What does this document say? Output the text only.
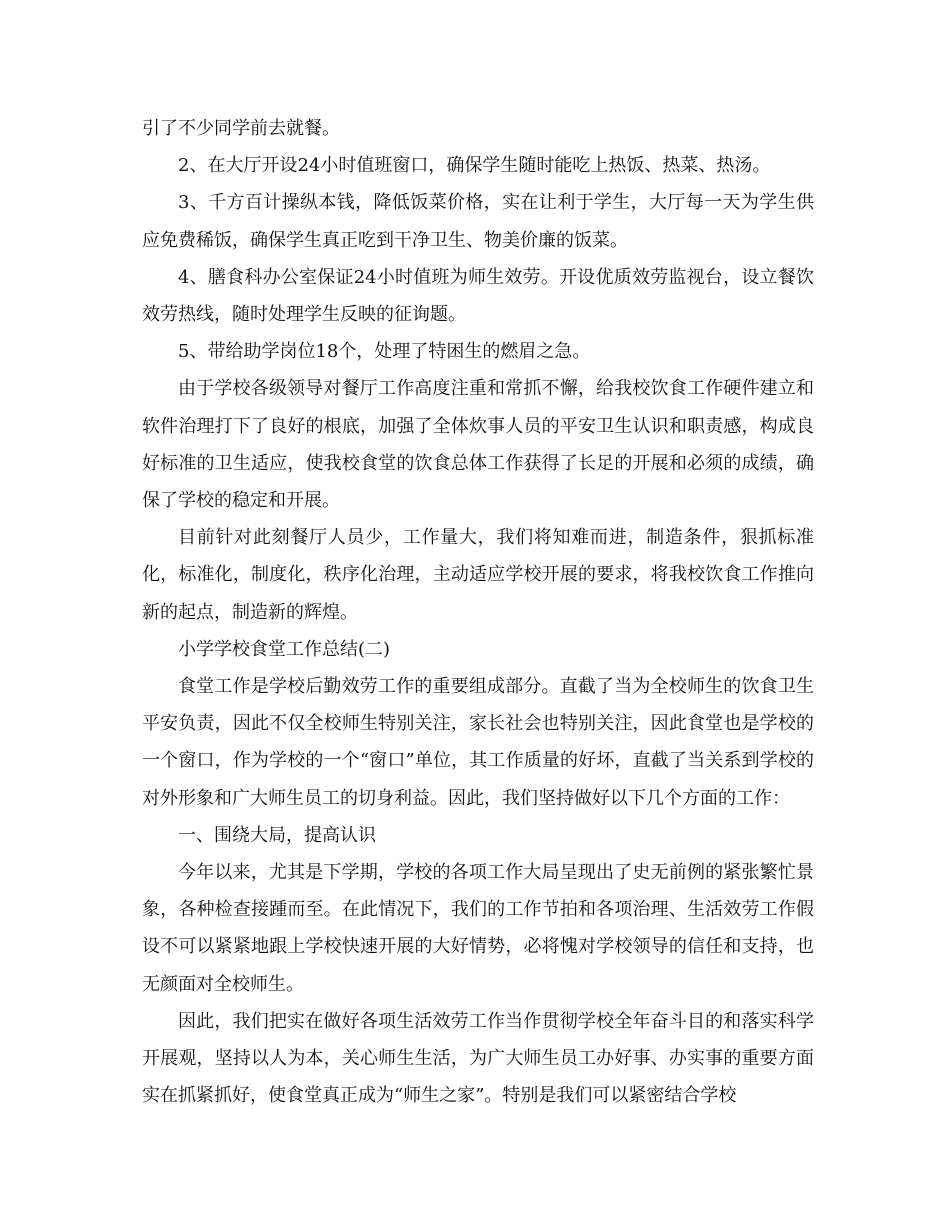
引了不少同学前去就餐。

2、在大厅开设24小时值班窗口，确保学生随时能吃上热饭、热菜、热汤。

3、千方百计操纵本钱，降低饭菜价格，实在让利于学生，大厅每一天为学生供应免费稀饭，确保学生真正吃到干净卫生、物美价廉的饭菜。

4、膳食科办公室保证24小时值班为师生效劳。开设优质效劳监视台，设立餐饮效劳热线，随时处理学生反映的征询题。

5、带给助学岗位18个，处理了特困生的燃眉之急。

由于学校各级领导对餐厅工作高度注重和常抓不懈，给我校饮食工作硬件建立和软件治理打下了良好的根底，加强了全体炊事人员的平安卫生认识和职责感，构成良好标准的卫生适应，使我校食堂的饮食总体工作获得了长足的开展和必须的成绩，确保了学校的稳定和开展。

目前针对此刻餐厅人员少，工作量大，我们将知难而进，制造条件，狠抓标准化，标准化，制度化，秩序化治理，主动适应学校开展的要求，将我校饮食工作推向新的起点，制造新的辉煌。

小学学校食堂工作总结(二)

食堂工作是学校后勤效劳工作的重要组成部分。直截了当为全校师生的饮食卫生平安负责，因此不仅全校师生特别关注，家长社会也特别关注，因此食堂也是学校的一个窗口，作为学校的一个“窗口”单位，其工作质量的好坏，直截了当关系到学校的对外形象和广大师生员工的切身利益。因此，我们坚持做好以下几个方面的工作：

一、围绕大局，提高认识

今年以来，尤其是下学期，学校的各项工作大局呈现出了史无前例的紧张繁忙景象，各种检查接踵而至。在此情况下，我们的工作节拍和各项治理、生活效劳工作假设不可以紧紧地跟上学校快速开展的大好情势，必将愧对学校领导的信任和支持，也无颜面对全校师生。

因此，我们把实在做好各项生活效劳工作当作贯彻学校全年奋斗目的和落实科学开展观，坚持以人为本，关心师生生活，为广大师生员工办好事、办实事的重要方面实在抓紧抓好，使食堂真正成为“师生之家”。特别是我们可以紧密结合学校
